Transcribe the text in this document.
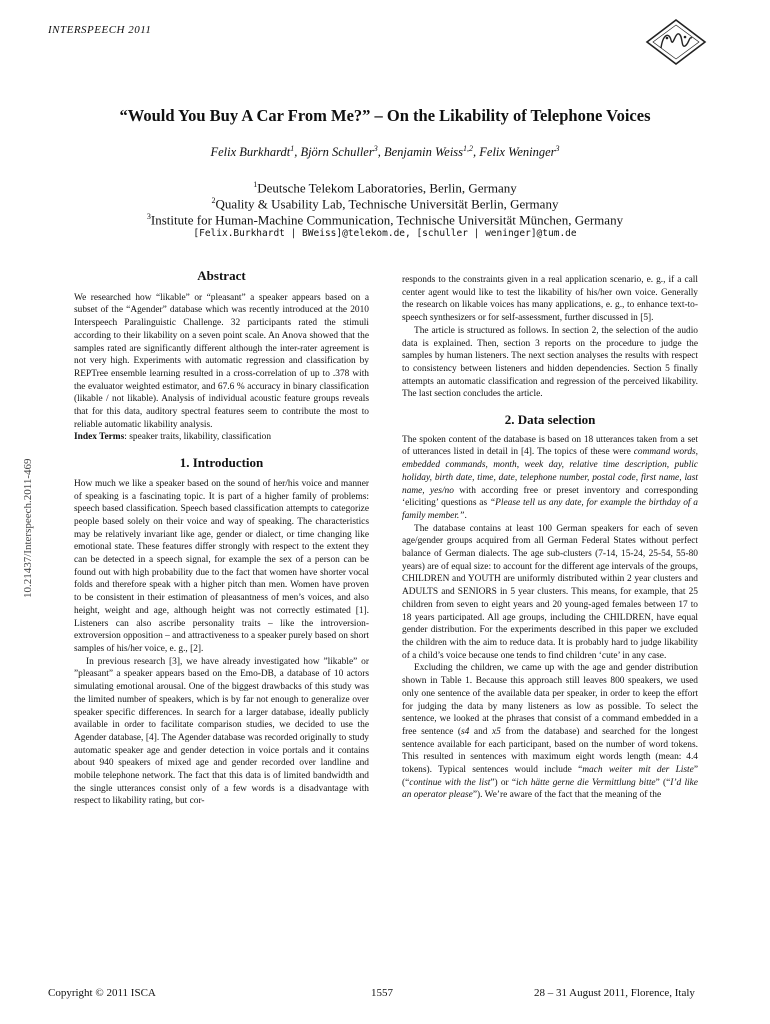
INTERSPEECH 2011
10.21437/Interspeech.2011-469
“Would You Buy A Car From Me?” – On the Likability of Telephone Voices
Felix Burkhardt$^1$, Björn Schuller$^3$, Benjamin Weiss$^{1,2}$, Felix Weninger$^3$
$^1$Deutsche Telekom Laboratories, Berlin, Germany
$^2$Quality & Usability Lab, Technische Universität Berlin, Germany
$^3$Institute for Human-Machine Communication, Technische Universität München, Germany
[Felix.Burkhardt | BWeiss]@telekom.de, [schuller | weninger]@tum.de

Abstract

We researched how “likable” or “pleasant” a speaker appears based on a subset of the “Agender” database which was recently introduced at the 2010 Interspeech Paralinguistic Challenge. 32 participants rated the stimuli according to their likability on a seven point scale. An Anova showed that the samples rated are significantly different although the inter-rater agreement is not very high. Experiments with automatic regression and classification by REPTree ensemble learning resulted in a cross-correlation of up to .378 with the evaluator weighted estimator, and 67.6 % accuracy in binary classification (likable / not likable). Analysis of individual acoustic feature groups reveals that for this data, auditory spectral features seem to contribute the most to reliable automatic likability analysis.

Index Terms: speaker traits, likability, classification

1. Introduction

How much we like a speaker based on the sound of her/his voice and manner of speaking is a fascinating topic. It is part of a higher family of problems: speech based classification. Speech based classification attempts to categorize people based solely on their voice and way of speaking. The characteristics may be relatively invariant like age, gender or dialect, or time changing like emotional state. These features differ strongly with respect to the extent they can be detected in a speech signal, for example the sex of a person can be found out with high probability due to the fact that women have shorter vocal folds and therefore speak with a higher pitch than men. Women have proven to be consistent in their estimation of pleasantness of men’s voices, and also height, weight and age, although height was not correctly estimated [1]. Listeners can also ascribe personality traits – like the introversion-extroversion opposition – and attractiveness to a speaker purely based on short samples of his/her voice, e. g., [2].

In previous research [3], we have already investigated how ”likable” or ”pleasant” a speaker appears based on the Emo-DB, a database of 10 actors simulating emotional arousal. One of the biggest drawbacks of this study was the limited number of speakers, which is by far not enough to generalize over speaker specific differences. In search for a larger database, ideally publicly available in order to facilitate comparison studies, we decided to use the Agender database, [4]. The Agender database was recorded originally to study automatic speaker age and gender detection in voice portals and it contains about 940 speakers of mixed age and gender recorded over landline and mobile telephone network. The fact that this data is of limited bandwidth and the single utterances consist only of a few words is a disadvantage with respect to likability rating, but cor-

responds to the constraints given in a real application scenario, e. g., if a call center agent would like to test the likability of his/her own voice. Generally the research on likable voices has many applications, e. g., to enhance text-to-speech synthesizers or for self-assessment, further discussed in [5].

The article is structured as follows. In section 2, the selection of the audio data is explained. Then, section 3 reports on the procedure to judge the samples by human listeners. The next section analyses the results with respect to consistency between listeners and hidden dependencies. Section 5 finally attempts an automatic classification and regression of the perceived likability. The last section concludes the article.

2. Data selection

The spoken content of the database is based on 18 utterances taken from a set of utterances listed in detail in [4]. The topics of these were command words, embedded commands, month, week day, relative time description, public holiday, birth date, time, date, telephone number, postal code, first name, last name, yes/no with according free or preset inventory and corresponding ‘eliciting’ questions as “Please tell us any date, for example the birthday of a family member.”.

The database contains at least 100 German speakers for each of seven age/gender groups acquired from all German Federal States without perfect balance of German dialects. The age sub-clusters (7-14, 15-24, 25-54, 55-80 years) are of equal size: to account for the different age intervals of the groups, CHILDREN and YOUTH are uniformly distributed within 2 year clusters and ADULTS and SENIORS in 5 year clusters. This means, for example, that 25 children from seven to eight years and 20 young-aged females between 17 to 18 years participated. All age groups, including the CHILDREN, have equal gender distribution. For the experiments described in this paper we excluded the children with the aim to reduce data. It is probably hard to judge likability of a child’s voice because one tends to find children ‘cute’ in any case.

Excluding the children, we came up with the age and gender distribution shown in Table 1. Because this approach still leaves 800 speakers, we used only one sentence of the available data per speaker, in order to keep the effort for judging the data by many listeners as low as possible. To select the sentence, we looked at the phrases that consist of a command embedded in a free sentence (s4 and x5 from the database) and searched for the longest sentence available for each participant, based on the number of word tokens. This resulted in sentences with maximum eight words length (mean: 4.4 tokens). Typical sentences would include “mach weiter mit der Liste” (“continue with the list”) or “ich hätte gerne die Vermittlung bitte” (“I’d like an operator please”). We’re aware of the fact that the meaning of the

Copyright © 2011 ISCA	1557	28 – 31 August 2011, Florence, Italy
